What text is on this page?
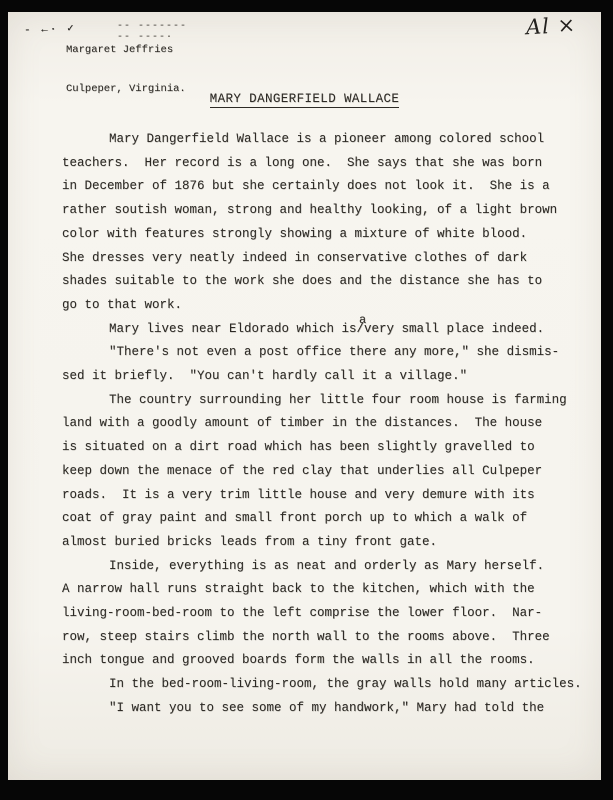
- ←· ✓	-- -------
-- ----·

Margaret Jeffries

Culpeper, Virginia.

Al ×
MARY DANGERFIELD WALLACE
Mary Dangerfield Wallace is a pioneer among colored school
teachers.  Her record is a long one.  She says that she was born
in December of 1876 but she certainly does not look it.  She is a
rather soutish woman, strong and healthy looking, of a light brown
color with features strongly showing a mixture of white blood.
She dresses very neatly indeed in conservative clothes of dark
shades suitable to the work she does and the distance she has to
go to that work.
Mary lives near Eldorado which is/
a
very small place indeed.
"There's not even a post office there any more," she dismis-
sed it briefly.  "You can't hardly call it a village."
The country surrounding her little four room house is farming
land with a goodly amount of timber in the distances.  The house
is situated on a dirt road which has been slightly gravelled to
keep down the menace of the red clay that underlies all Culpeper
roads.  It is a very trim little house and very demure with its
coat of gray paint and small front porch up to which a walk of
almost buried bricks leads from a tiny front gate.
Inside, everything is as neat and orderly as Mary herself.
A narrow hall runs straight back to the kitchen, which with the
living-room-bed-room to the left comprise the lower floor.  Nar-
row, steep stairs climb the north wall to the rooms above.  Three
inch tongue and grooved boards form the walls in all the rooms.
In the bed-room-living-room, the gray walls hold many articles.
"I want you to see some of my handwork," Mary had told the
